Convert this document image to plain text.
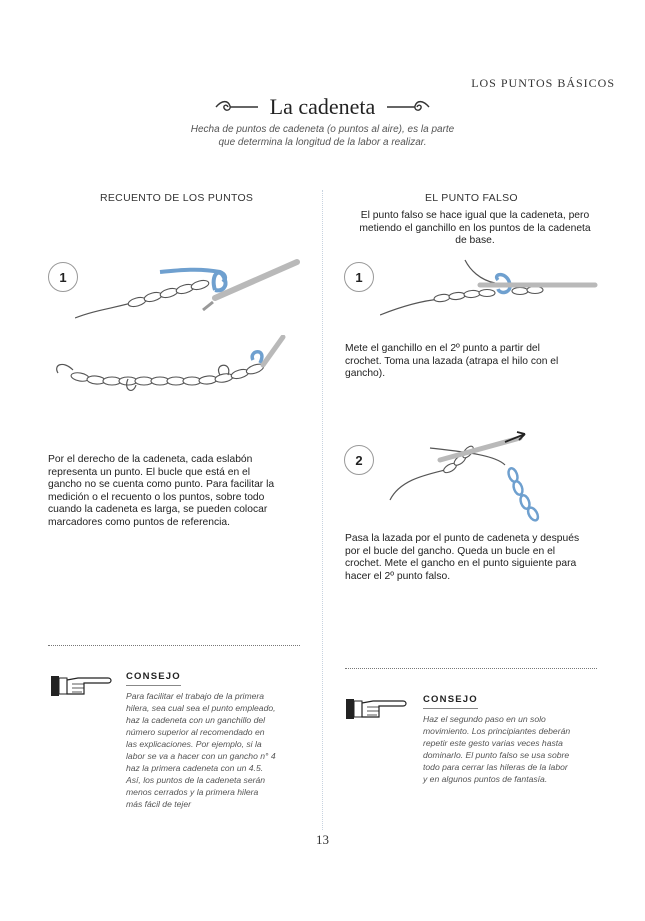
LOS PUNTOS BÁSICOS
La cadeneta
Hecha de puntos de cadeneta (o puntos al aire), es la parte
que determina la longitud de la labor a realizar.
RECUENTO DE LOS PUNTOS
1
Por el derecho de la cadeneta, cada eslabón
representa un punto. El bucle que está en el
gancho no se cuenta como punto. Para facilitar la
medición o el recuento o los puntos, sobre todo
cuando la cadeneta es larga, se pueden colocar
marcadores como puntos de referencia.
CONSEJO
Para facilitar el trabajo de la primera
hilera, sea cual sea el punto empleado,
haz la cadeneta con un ganchillo del
número superior al recomendado en
las explicaciones. Por ejemplo, si la
labor se va a hacer con un gancho n° 4
haz la primera cadeneta con un 4.5.
Así, los puntos de la cadeneta serán
menos cerrados y la primera hilera
más fácil de tejer
EL PUNTO FALSO
El punto falso se hace igual que la cadeneta, pero
metiendo el ganchillo en los puntos de la cadeneta
de base.
1
Mete el ganchillo en el 2º punto a partir del
crochet. Toma una lazada (atrapa el hilo con el
gancho).
2
Pasa la lazada por el punto de cadeneta y después
por el bucle del gancho. Queda un bucle en el
crochet. Mete el gancho en el punto siguiente para
hacer el 2º punto falso.
CONSEJO
Haz el segundo paso en un solo
movimiento. Los principiantes deberán
repetir este gesto varias veces hasta
dominarlo. El punto falso se usa sobre
todo para cerrar las hileras de la labor
y en algunos puntos de fantasía.
13
